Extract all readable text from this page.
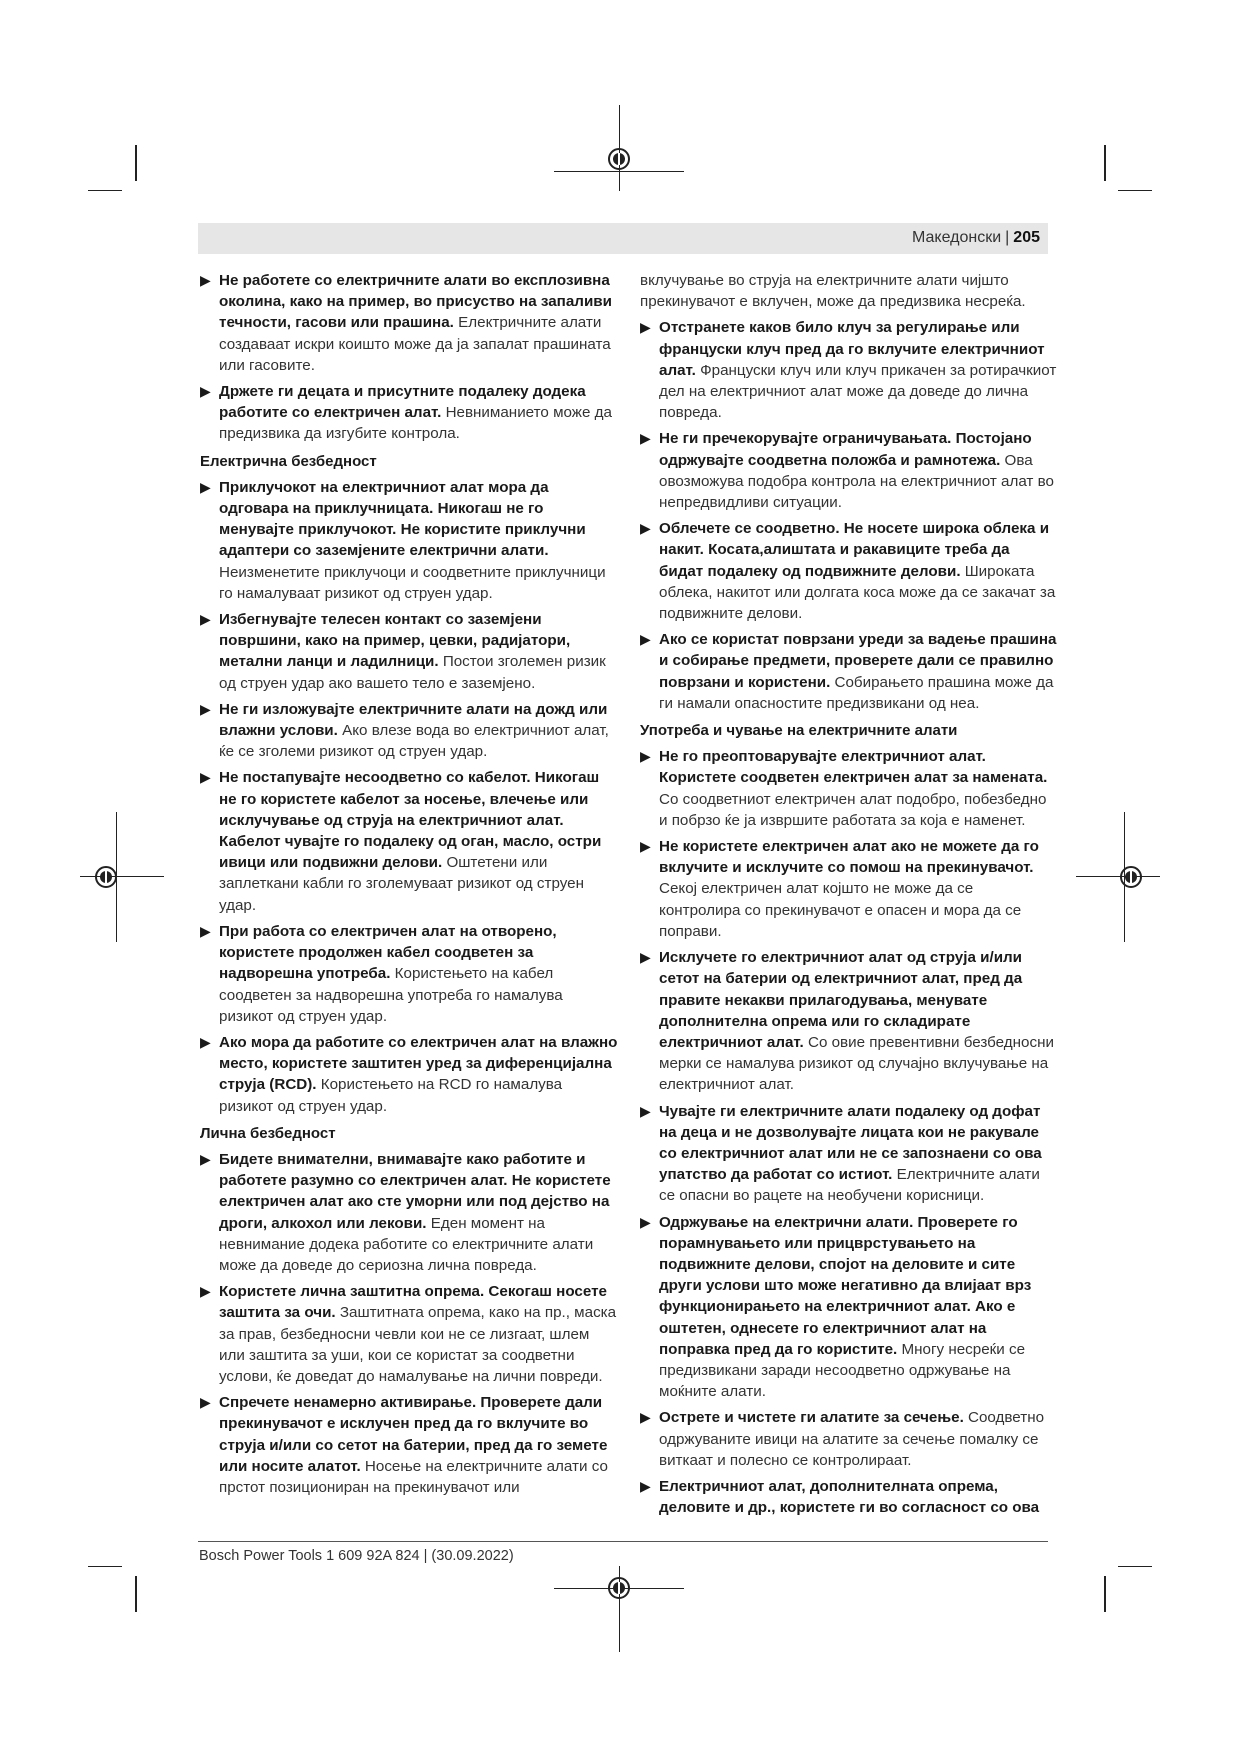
Македонски | 205
▶ Не работете со електричните алати во експлозивна околина, како на пример, во присуство на запаливи течности, гасови или прашина. Електричните алати создаваат искри коишто може да ја запалат прашината или гасовите.
▶ Држете ги децата и присутните подалеку додека работите со електричен алат. Невниманието може да предизвика да изгубите контрола.
Електрична безбедност
▶ Приклучокот на електричниот алат мора да одговара на приклучницата. Никогаш не го менувајте приклучокот. Не користите приклучни адаптери со заземјените електрични алати. Неизменетите приклучоци и соодветните приклучници го намалуваат ризикот од струен удар.
▶ Избегнувајте телесен контакт со заземјени површини, како на пример, цевки, радијатори, метални ланци и ладилници. Постои зголемен ризик од струен удар ако вашето тело е заземјено.
▶ Не ги изложувајте електричните алати на дожд или влажни услови. Ако влезе вода во електричниот алат, ќе се зголеми ризикот од струен удар.
▶ Не постапувајте несоодветно со кабелот. Никогаш не го користете кабелот за носење, влечење или исклучување од струја на електричниот алат. Кабелот чувајте го подалеку од оган, масло, остри ивици или подвижни делови. Оштетени или заплеткани кабли го зголемуваат ризикот од струен удар.
▶ При работа со електричен алат на отворено, користете продолжен кабел соодветен за надворешна употреба. Користењето на кабел соодветен за надворешна употреба го намалува ризикот од струен удар.
▶ Ако мора да работите со електричен алат на влажно место, користете заштитен уред за диференцијална струја (RCD). Користењето на RCD го намалува ризикот од струен удар.
Лична безбедност
▶ Бидете внимателни, внимавајте како работите и работете разумно со електричен алат. Не користете електричен алат ако сте уморни или под дејство на дроги, алкохол или лекови. Еден момент на невнимание додека работите со електричните алати може да доведе до сериозна лична повреда.
▶ Користете лична заштитна опрема. Секогаш носете заштита за очи. Заштитната опрема, како на пр., маска за прав, безбедносни чевли кои не се лизгаат, шлем или заштита за уши, кои се користат за соодветни услови, ќе доведат до намалување на лични повреди.
▶ Спречете ненамерно активирање. Проверете дали прекинувачот е исклучен пред да го вклучите во струја и/или со сетот на батерии, пред да го земете или носите алатот. Носење на електричните алати со прстот позициониран на прекинувачот или
вклучување во струја на електричните алати чијшто прекинувачот е вклучен, може да предизвика несреќа.
▶ Отстранете каков било клуч за регулирање или француски клуч пред да го вклучите електричниот алат. Француски клуч или клуч прикачен за ротирачкиот дел на електричниот алат може да доведе до лична повреда.
▶ Не ги пречекорувајте ограничувањата. Постојано одржувајте соодветна положба и рамнотежа. Ова овозможува подобра контрола на електричниот алат во непредвидливи ситуации.
▶ Облечете се соодветно. Не носете широка облека и накит. Косата,алиштата и ракавиците треба да бидат подалеку од подвижните делови. Широката облека, накитот или долгата коса може да се закачат за подвижните делови.
▶ Ако се користат поврзани уреди за вадење прашина и собирање предмети, проверете дали се правилно поврзани и користени. Собирањето прашина може да ги намали опасностите предизвикани од неа.
Употреба и чување на електричните алати
▶ Не го преоптоварувајте електричниот алат. Користете соодветен електричен алат за намената. Со соодветниот електричен алат подобро, побезбедно и побрзо ќе ја извршите работата за која е наменет.
▶ Не користете електричен алат ако не можете да го вклучите и исклучите со помош на прекинувачот. Секој електричен алат којшто не може да се контролира со прекинувачот е опасен и мора да се поправи.
▶ Исклучете го електричниот алат од струја и/или сетот на батерии од електричниот алат, пред да правите некакви прилагодувања, менувате дополнителна опрема или го складирате електричниот алат. Со овие превентивни безбедносни мерки се намалува ризикот од случајно вклучување на електричниот алат.
▶ Чувајте ги електричните алати подалеку од дофат на деца и не дозволувајте лицата кои не ракувале со електричниот алат или не се запознаени со ова упатство да работат со истиот. Електричните алати се опасни во рацете на необучени корисници.
▶ Одржување на електрични алати. Проверете го порамнувањето или прицврстувањето на подвижните делови, спојот на деловите и сите други услови што може негативно да влијаат врз функционирањето на електричниот алат. Ако е оштетен, однесете го електричниот алат на поправка пред да го користите. Многу несреќи се предизвикани заради несоодветно одржување на моќните алати.
▶ Острете и чистете ги алатите за сечење. Соодветно одржуваните ивици на алатите за сечење помалку се виткаат и полесно се контролираат.
▶ Електричниот алат, дополнителната опрема, деловите и др., користете ги во согласност со ова
Bosch Power Tools 1 609 92A 824 | (30.09.2022)
